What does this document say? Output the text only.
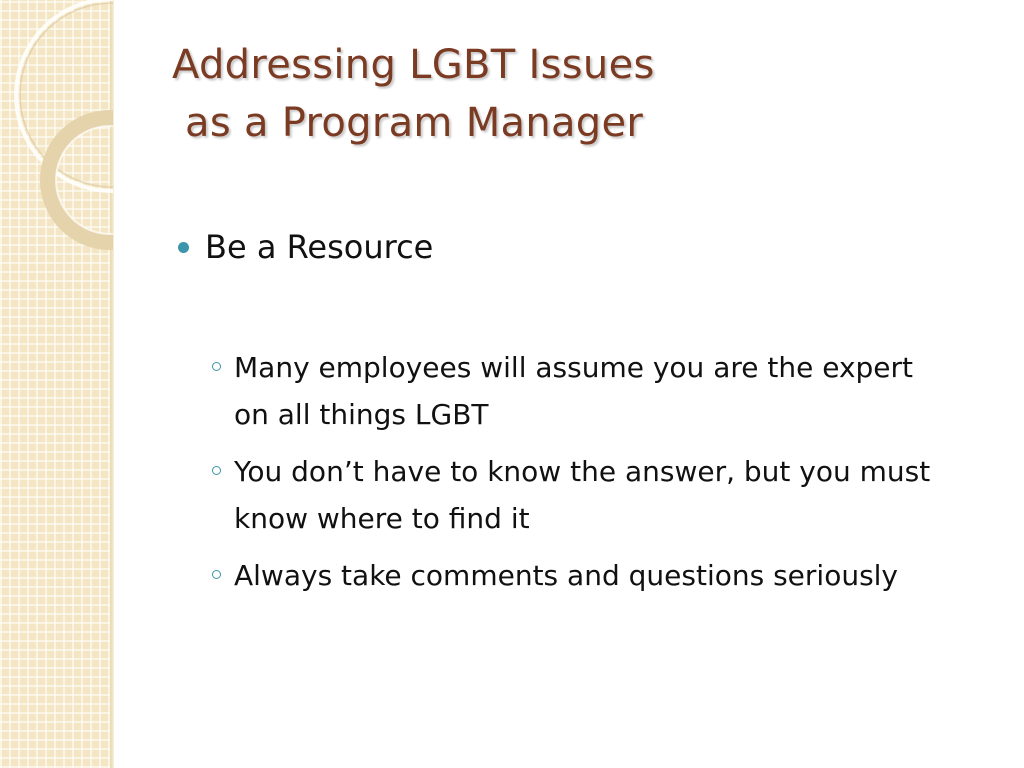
Addressing LGBT Issues
as a Program Manager
Be a Resource
Many employees will assume you are the expert on all things LGBT
You don’t have to know the answer, but you must know where to find it
Always take comments and questions seriously
